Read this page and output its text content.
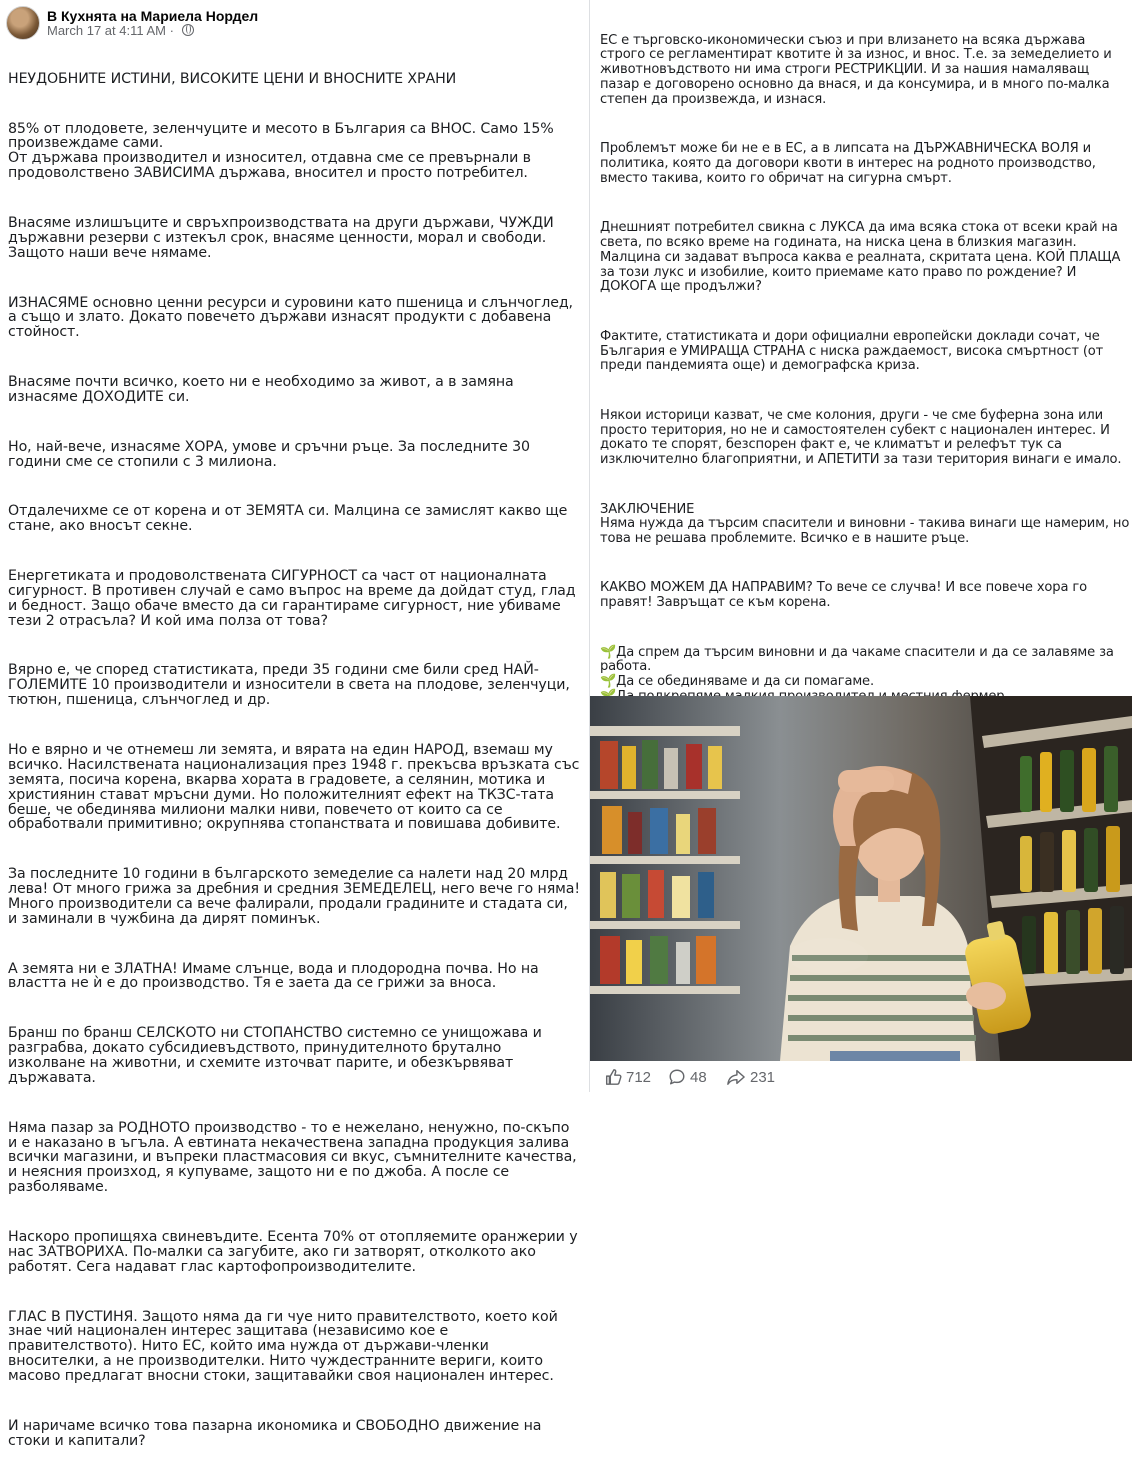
В Кухнята на Мариела Нордел
March 17 at 4:11 AM ·

НЕУДОБНИТЕ ИСТИНИ, ВИСОКИТЕ ЦЕНИ И ВНОСНИТЕ ХРАНИ

85% от плодовете, зеленчуците и месото в България са ВНОС. Само 15% произвеждаме сами.
От държава производител и износител, отдавна сме се превърнали в продоволствено ЗАВИСИМА държава, вносител и просто потребител.

Внасяме излишъците и свръхпроизводствата на други държави, ЧУЖДИ държавни резерви с изтекъл срок, внасяме ценности, морал и свободи. Защото наши вече нямаме.

ИЗНАСЯМЕ основно ценни ресурси и суровини като пшеница и слънчоглед, а също и злато. Докато повечето държави изнасят продукти с добавена стойност.

Внасяме почти всичко, което ни е необходимо за живот, а в замяна изнасяме ДОХОДИТЕ си.

Но, най-вече, изнасяме ХОРА, умове и сръчни ръце. За последните 30 години сме се стопили с 3 милиона.

Отдалечихме се от корена и от ЗЕМЯТА си. Малцина се замислят какво ще стане, ако вносът секне.

Енергетиката и продоволствената СИГУРНОСТ са част от националната сигурност. В противен случай е само въпрос на време да дойдат студ, глад и бедност. Защо обаче вместо да си гарантираме сигурност, ние убиваме тези 2 отрасъла? И кой има полза от това?

Вярно е, че според статистиката, преди 35 години сме били сред НАЙ-ГОЛЕМИТЕ 10 производители и износители в света на плодове, зеленчуци, тютюн, пшеница, слънчоглед и др.

Но е вярно и че отнемеш ли земята, и вярата на един НАРОД, вземаш му всичко. Насилствената национализация през 1948 г. прекъсва връзката със земята, посича корена, вкарва хората в градовете, а селянин, мотика и християнин стават мръсни думи. Но положителният ефект на ТКЗС-тата беше, че обединява милиони малки ниви, повечето от които са се обработвали примитивно; окрупнява стопанствата и повишава добивите.

За последните 10 години в българското земеделие са налети над 20 млрд лева! От много грижа за дребния и средния ЗЕМЕДЕЛЕЦ, него вече го няма! Много производители са вече фалирали, продали градините и стадата си, и заминали в чужбина да дирят поминък.

А земята ни е ЗЛАТНА! Имаме слънце, вода и плодородна почва. Но на властта не ѝ е до производство. Тя е заета да се грижи за вноса.

Бранш по бранш СЕЛСКОТО ни СТОПАНСТВО системно се унищожава и разграбва, докато субсидиевъдството, принудителното брутално изколване на животни, и схемите източват парите, и обезкървяват държавата.

Няма пазар за РОДНОТО производство - то е нежелано, ненужно, по-скъпо и е наказано в ъгъла. А евтината некачествена западна продукция залива всички магазини, и въпреки пластмасовия си вкус, съмнителните качества, и неясния произход, я купуваме, защото ни е по джоба. А после се разболяваме.

Наскоро пропищяха свиневъдите. Есента 70% от отопляемите оранжерии у нас ЗАТВОРИХА. По-малки са загубите, ако ги затворят, отколкото ако работят. Сега надават глас картофопроизводителите.

ГЛАС В ПУСТИНЯ. Защото няма да ги чуе нито правителството, което кой знае чий национален интерес защитава (независимо кое е правителството). Нито ЕС, който има нужда от държави-членки вносителки, а не производителки. Нито чуждестранните вериги, които масово предлагат вносни стоки, защитавайки своя национален интерес.

И наричаме всичко това пазарна икономика и СВОБОДНО движение на стоки и капитали?

ЕС е търговско-икономически съюз и при влизането на всяка държава строго се регламентират квотите ѝ за износ, и внос. Т.е. за земеделието и животновъдството ни има строги РЕСТРИКЦИИ. И за нашия намаляващ пазар е договорено основно да внася, и да консумира, и в много по-малка степен да произвежда, и изнася.

Проблемът може би не е в ЕС, а в липсата на ДЪРЖАВНИЧЕСКА ВОЛЯ и политика, която да договори квоти в интерес на родното производство, вместо такива, които го обричат на сигурна смърт.

Днешният потребител свикна с ЛУКСА да има всяка стока от всеки край на света, по всяко време на годината, на ниска цена в близкия магазин. Малцина си задават въпроса каква е реалната, скритата цена. КОЙ ПЛАЩА за този лукс и изобилие, които приемаме като право по рождение? И ДОКОГА ще продължи?

Фактите, статистиката и дори официални европейски доклади сочат, че България е УМИРАЩА СТРАНА с ниска раждаемост, висока смъртност (от преди пандемията още) и демографска криза.

Някои историци казват, че сме колония, други - че сме буферна зона или просто територия, но не и самостоятелен субект с национален интерес. И докато те спорят, безспорен факт е, че климатът и релефът тук са изключително благоприятни, и АПЕТИТИ за тази територия винаги е имало.

ЗАКЛЮЧЕНИЕ
Няма нужда да търсим спасители и виновни - такива винаги ще намерим, но това не решава проблемите. Всичко е в нашите ръце.

КАКВО МОЖЕМ ДА НАПРАВИМ? То вече се случва! И все повече хора го правят! Завръщат се към корена.

🌱Да спрем да търсим виновни и да чакаме спасители и да се залавяме за работа.
🌱Да се обединяваме и да си помагаме.

712	48	231
